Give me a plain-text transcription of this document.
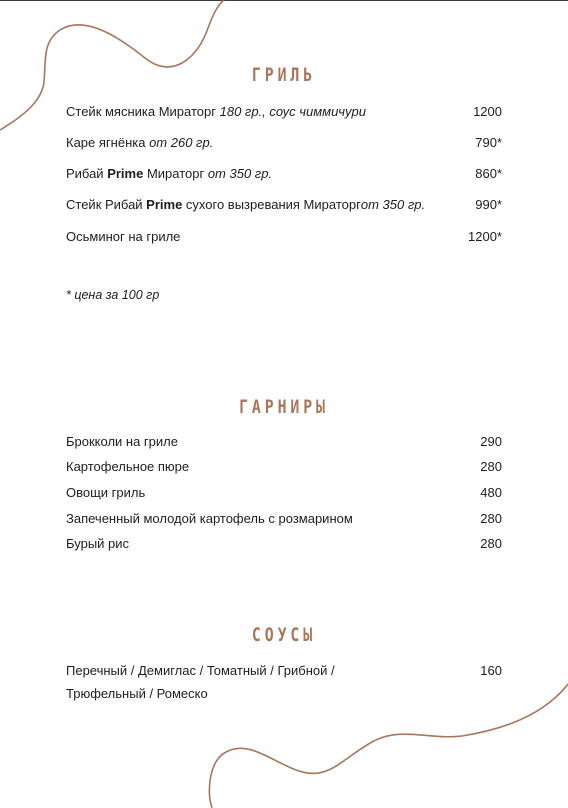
ГРИЛЬ
Стейк мясника Мираторг 180 гр., соус чиммичури	1200
Каре ягнёнка от 260 гр.	790*
Рибай Prime Мираторг от 350 гр.	860*
Стейк Рибай Prime сухого вызревания Мираторгот 350 гр.	990*
Осьминог на гриле	1200*
* цена за 100 гр
ГАРНИРЫ
Брокколи на гриле	290
Картофельное пюре	280
Овощи гриль	480
Запеченный молодой картофель с розмарином	280
Бурый рис	280
СОУСЫ
Перечный / Демиглас / Томатный / Грибной /	160
Трюфельный / Ромеско
